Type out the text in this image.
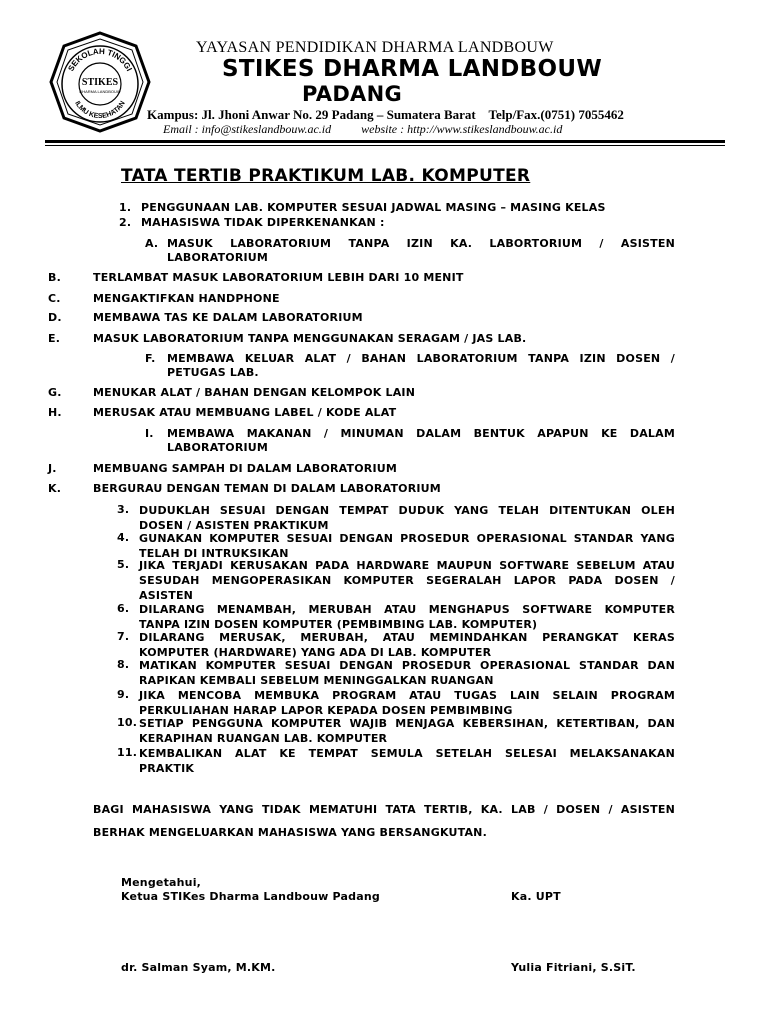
SEKOLAH TINGGI
ILMU KESEHATAN
STIKES
DHARMA LANDBOUW
YAYASAN PENDIDIKAN DHARMA LANDBOUW
STIKES DHARMA LANDBOUW
PADANG
Kampus: Jl. Jhoni Anwar No. 29 Padang – Sumatera Barat    Telp/Fax.(0751) 7055462
Email : info@stikeslandbouw.ac.id          website : http://www.stikeslandbouw.ac.id
TATA TERTIB PRAKTIKUM LAB. KOMPUTER
1. PENGGUNAAN LAB. KOMPUTER SESUAI JADWAL MASING – MASING KELAS
2. MAHASISWA TIDAK DIPERKENANKAN :
A. MASUK LABORATORIUM TANPA IZIN KA. LABORTORIUM / ASISTEN
LABORATORIUM
B.	TERLAMBAT MASUK LABORATORIUM LEBIH DARI 10 MENIT
C.	MENGAKTIFKAN HANDPHONE
D.	MEMBAWA TAS KE DALAM LABORATORIUM
E.	MASUK LABORATORIUM TANPA MENGGUNAKAN SERAGAM / JAS LAB.
F.	MEMBAWA KELUAR ALAT / BAHAN LABORATORIUM TANPA IZIN DOSEN /
PETUGAS LAB.
G.	MENUKAR ALAT / BAHAN DENGAN KELOMPOK LAIN
H.	MERUSAK ATAU MEMBUANG LABEL / KODE ALAT
I.	MEMBAWA MAKANAN / MINUMAN DALAM BENTUK APAPUN KE DALAM
LABORATORIUM
J.	MEMBUANG SAMPAH DI DALAM LABORATORIUM
K.	BERGURAU DENGAN TEMAN DI DALAM LABORATORIUM
3. DUDUKLAH SESUAI DENGAN TEMPAT DUDUK YANG TELAH DITENTUKAN OLEH
DOSEN / ASISTEN PRAKTIKUM
4. GUNAKAN KOMPUTER SESUAI DENGAN PROSEDUR OPERASIONAL STANDAR YANG
TELAH DI INTRUKSIKAN
5. JIKA TERJADI KERUSAKAN PADA HARDWARE MAUPUN SOFTWARE SEBELUM ATAU
SESUDAH MENGOPERASIKAN KOMPUTER SEGERALAH LAPOR PADA DOSEN /
ASISTEN
6. DILARANG MENAMBAH, MERUBAH ATAU MENGHAPUS SOFTWARE KOMPUTER
TANPA IZIN DOSEN KOMPUTER (PEMBIMBING LAB. KOMPUTER)
7. DILARANG MERUSAK, MERUBAH, ATAU MEMINDAHKAN PERANGKAT KERAS
KOMPUTER (HARDWARE) YANG ADA DI LAB. KOMPUTER
8. MATIKAN KOMPUTER SESUAI DENGAN PROSEDUR OPERASIONAL STANDAR DAN
RAPIKAN KEMBALI SEBELUM MENINGGALKAN RUANGAN
9. JIKA MENCOBA MEMBUKA PROGRAM ATAU TUGAS LAIN SELAIN PROGRAM
PERKULIAHAN HARAP LAPOR KEPADA DOSEN PEMBIMBING
10. SETIAP PENGGUNA KOMPUTER WAJIB MENJAGA KEBERSIHAN, KETERTIBAN, DAN
KERAPIHAN RUANGAN LAB. KOMPUTER
11. KEMBALIKAN ALAT KE TEMPAT SEMULA SETELAH SELESAI MELAKSANAKAN
PRAKTIK
BAGI MAHASISWA YANG TIDAK MEMATUHI TATA TERTIB, KA. LAB / DOSEN / ASISTEN
BERHAK MENGELUARKAN MAHASISWA YANG BERSANGKUTAN.
Mengetahui,
Ketua STIKes Dharma Landbouw Padang	Ka. UPT
dr. Salman Syam, M.KM.	Yulia Fitriani, S.SiT.
